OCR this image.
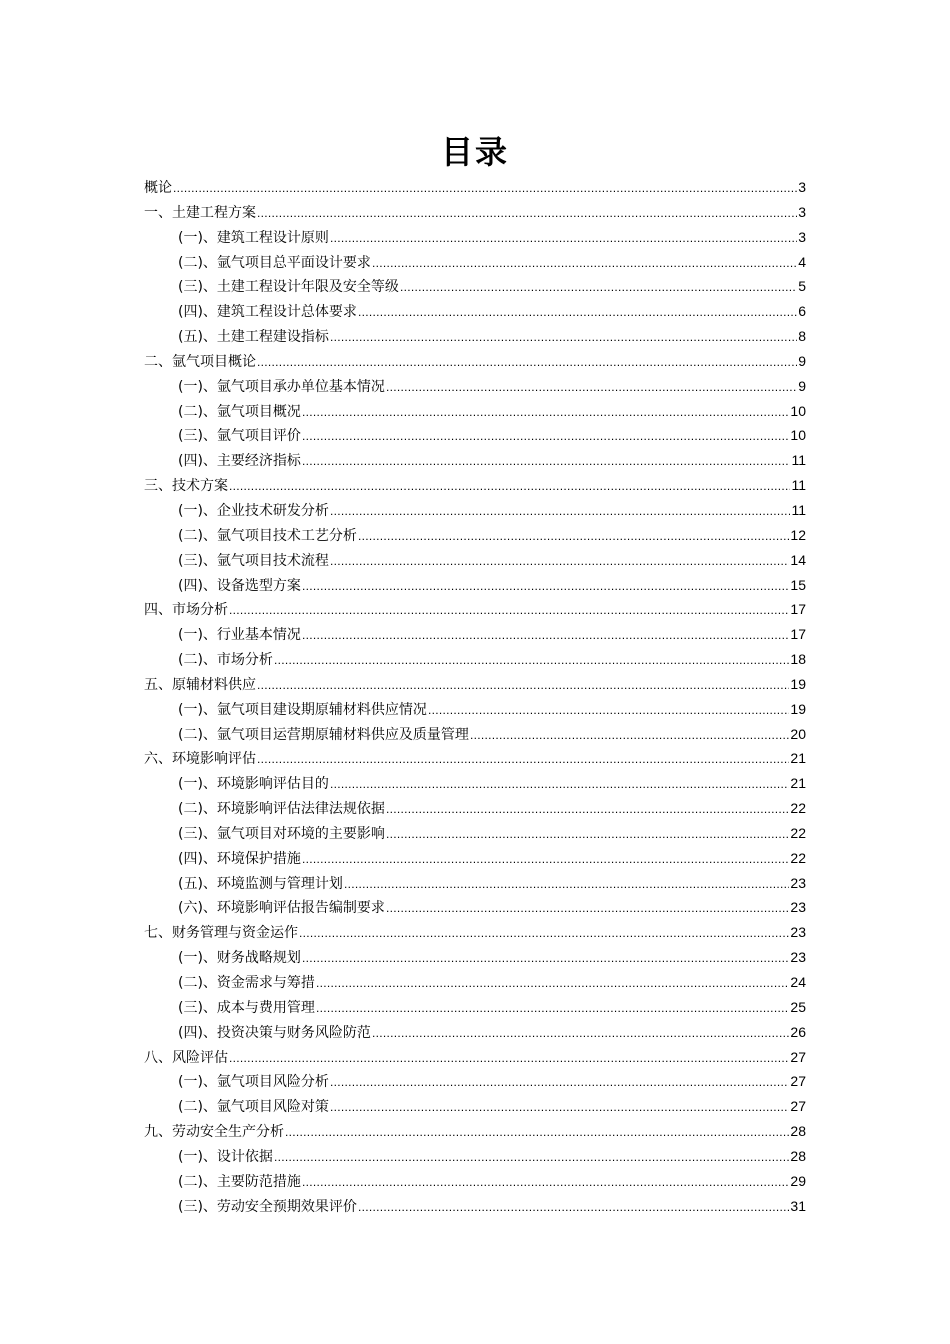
目录
概论 .....	3
一、土建工程方案 .....	3
(一)、建筑工程设计原则 .....	3
(二)、氩气项目总平面设计要求 .....	4
(三)、土建工程设计年限及安全等级 .....	5
(四)、建筑工程设计总体要求 .....	6
(五)、土建工程建设指标 .....	8
二、氩气项目概论 .....	9
(一)、氩气项目承办单位基本情况 .....	9
(二)、氩气项目概况 .....	10
(三)、氩气项目评价 .....	10
(四)、主要经济指标 .....	11
三、技术方案 .....	11
(一)、企业技术研发分析 .....	11
(二)、氩气项目技术工艺分析 .....	12
(三)、氩气项目技术流程 .....	14
(四)、设备选型方案 .....	15
四、市场分析 .....	17
(一)、行业基本情况 .....	17
(二)、市场分析 .....	18
五、原辅材料供应 .....	19
(一)、氩气项目建设期原辅材料供应情况 .....	19
(二)、氩气项目运营期原辅材料供应及质量管理 .....	20
六、环境影响评估 .....	21
(一)、环境影响评估目的 .....	21
(二)、环境影响评估法律法规依据 .....	22
(三)、氩气项目对环境的主要影响 .....	22
(四)、环境保护措施 .....	22
(五)、环境监测与管理计划 .....	23
(六)、环境影响评估报告编制要求 .....	23
七、财务管理与资金运作 .....	23
(一)、财务战略规划 .....	23
(二)、资金需求与筹措 .....	24
(三)、成本与费用管理 .....	25
(四)、投资决策与财务风险防范 .....	26
八、风险评估 .....	27
(一)、氩气项目风险分析 .....	27
(二)、氩气项目风险对策 .....	27
九、劳动安全生产分析 .....	28
(一)、设计依据 .....	28
(二)、主要防范措施 .....	29
(三)、劳动安全预期效果评价 .....	31
